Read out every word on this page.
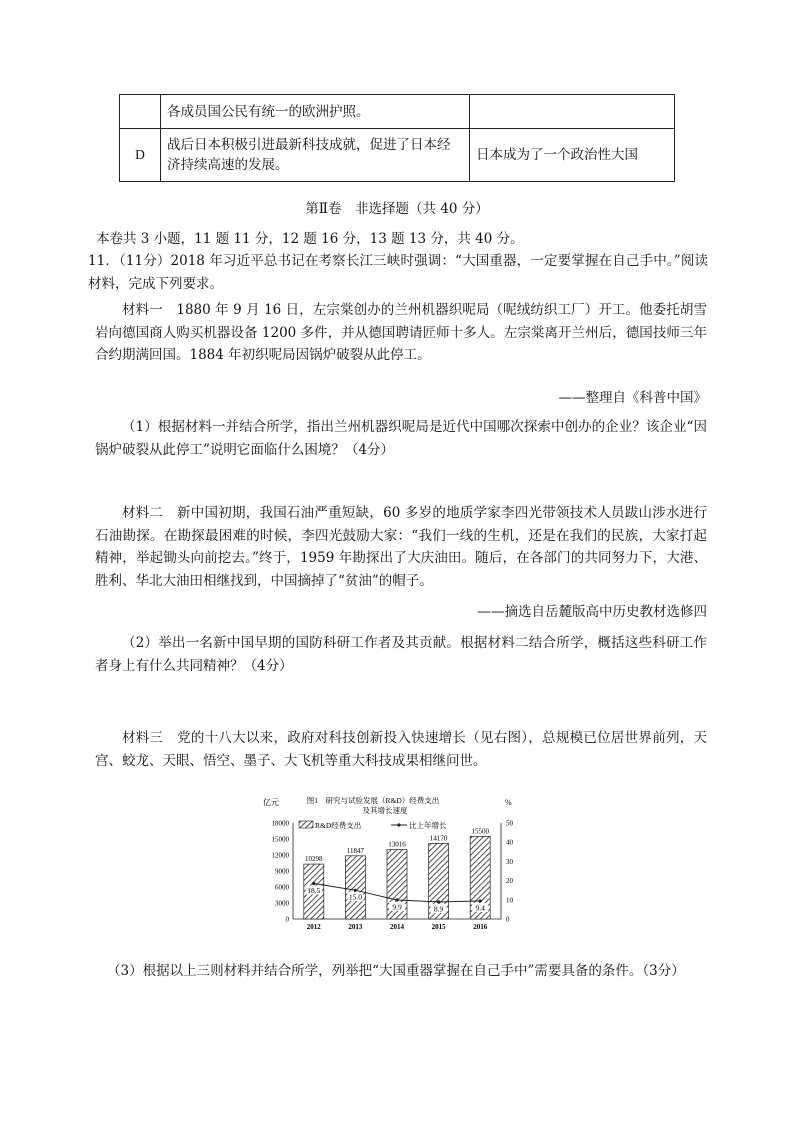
	各成员国公民有统一的欧洲护照。	
D	战后日本积极引进最新科技成就，促进了日本经济持续高速的发展。	日本成为了一个政治性大国
第Ⅱ卷　非选择题（共 40 分）
本卷共 3 小题，11 题 11 分，12 题 16 分，13 题 13 分，共 40 分。
11．（11分）2018 年习近平总书记在考察长江三峡时强调：“大国重器，一定要掌握在自己手中。”阅读材料，完成下列要求。
材料一　1880 年 9 月 16 日，左宗棠创办的兰州机器织呢局（呢绒纺织工厂）开工。他委托胡雪岩向德国商人购买机器设备 1200 多件，并从德国聘请匠师十多人。左宗棠离开兰州后，德国技师三年合约期满回国。1884 年初织呢局因锅炉破裂从此停工。
——整理自《科普中国》
（1）根据材料一并结合所学，指出兰州机器织呢局是近代中国哪次探索中创办的企业？该企业“因锅炉破裂从此停工”说明它面临什么困境？（4分）
材料二　新中国初期，我国石油严重短缺，60 多岁的地质学家李四光带领技术人员跋山涉水进行石油勘探。在勘探最困难的时候，李四光鼓励大家：“我们一线的生机，还是在我们的民族，大家打起精神，举起锄头向前挖去。”终于，1959 年勘探出了大庆油田。随后，在各部门的共同努力下，大港、胜利、华北大油田相继找到，中国摘掉了“贫油”的帽子。
——摘选自岳麓版高中历史教材选修四
（2）举出一名新中国早期的国防科研工作者及其贡献。根据材料二结合所学，概括这些科研工作者身上有什么共同精神？（4分）
材料三　党的十八大以来，政府对科技创新投入快速增长（见右图），总规模已位居世界前列，天宫、蛟龙、天眼、悟空、墨子、大飞机等重大科技成果相继问世。
图1　研究与试验发展（R&D）经费支出
及其增长速度
亿元	%
R&D经费支出	比上年增长
0
3000
6000
9000
12000
15000
18000
0
10
20
30
40
50
10298
2012
11847
2013
13016
2014
14170
2015
15500
2016
18.5
15.0
9.9	8.9	9.4
（3）根据以上三则材料并结合所学，列举把“大国重器掌握在自己手中”需要具备的条件。（3分）
